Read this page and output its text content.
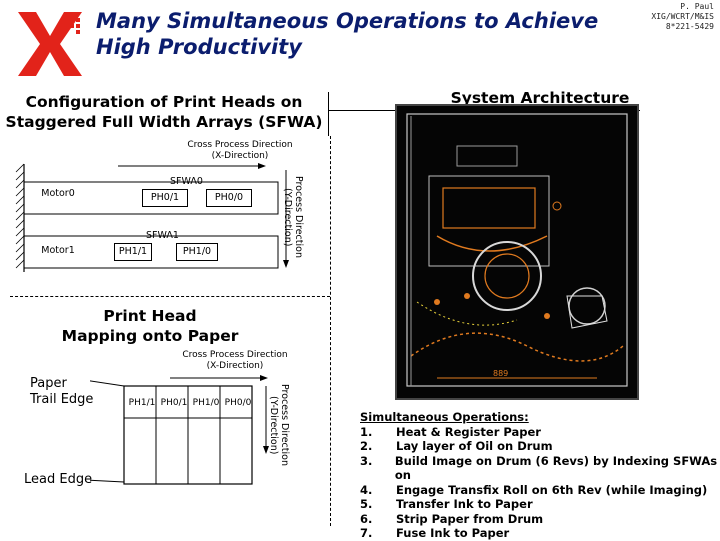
Many Simultaneous Operations to Achieve
High Productivity
P. Paul
XIG/WCRT/M&IS
8*221-5429
Configuration of Print Heads on
Staggered Full Width Arrays (SFWA)
System Architecture
Cross Process Direction
(X-Direction)
SFWA0
Motor0	PH0/1	PH0/0
SFWA1
Motor1	PH1/1	PH1/0
Process Direction
(Y-Direction)
Print Head
Mapping onto Paper
Cross Process Direction
(X-Direction)
PH1/1 PH0/1 PH1/0 PH0/0	Process Direction
(Y-Direction)
Paper
Trail Edge
Lead Edge
889
Simultaneous Operations:
1.	Heat & Register Paper
2.	Lay layer of Oil on Drum
3.	Build Image on Drum (6 Revs) by Indexing SFWAs on
4.	Engage Transfix Roll on 6th Rev (while Imaging)
5.	Transfer Ink to Paper
6.	Strip Paper from Drum
7.	Fuse Ink to Paper
